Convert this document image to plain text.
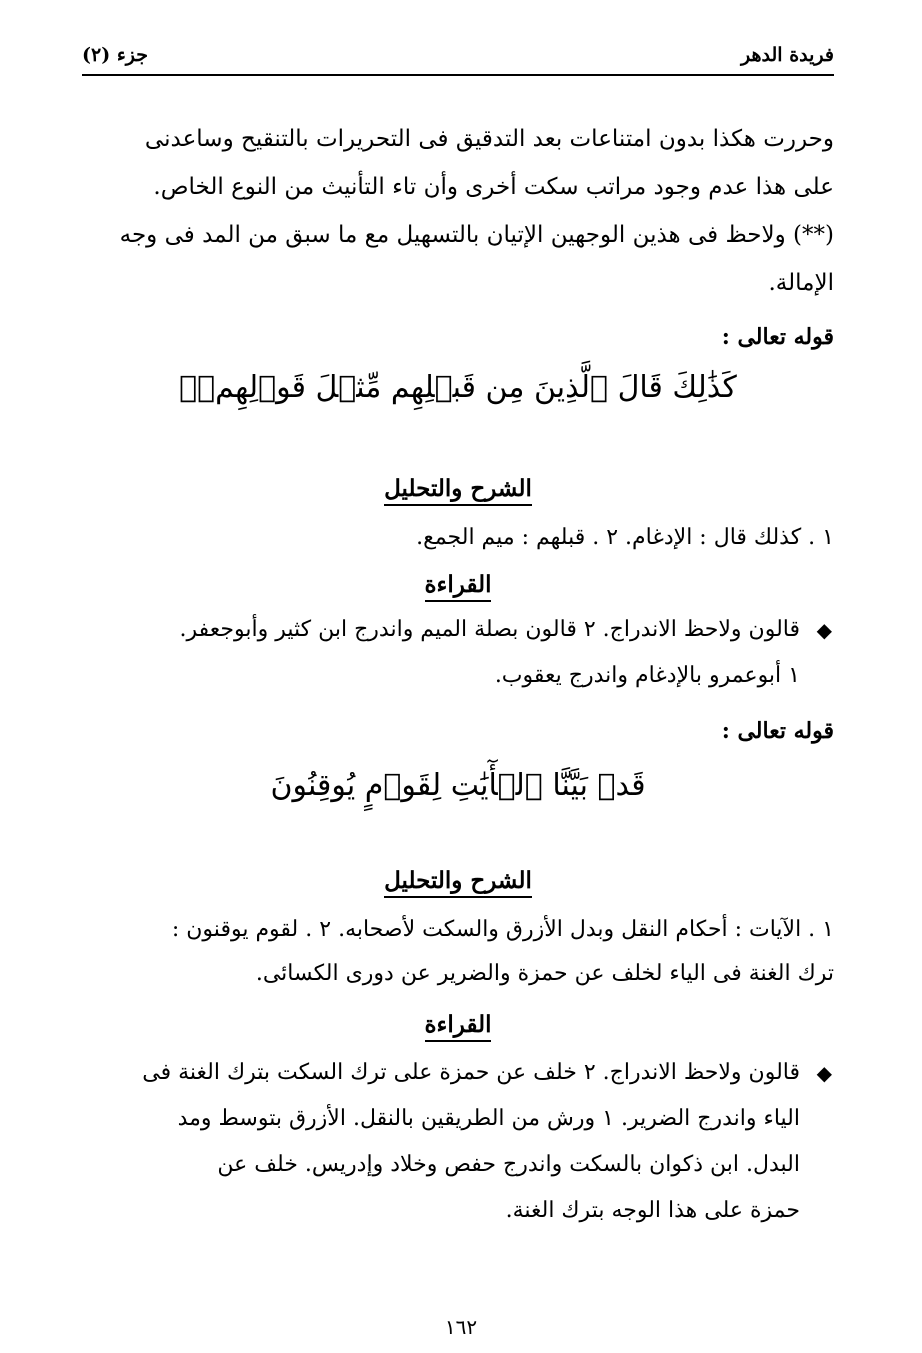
فريدة الدهر
جزء (٢)
وحررت هكذا بدون امتناعات بعد التدقيق فى التحريرات بالتنقيح وساعدنى
على هذا عدم وجود مراتب سكت أخرى وأن تاء التأنيث من النوع الخاص.
(**) ولاحظ فى هذين الوجهين الإتيان بالتسهيل مع ما سبق من المد فى وجه
الإمالة.
قوله تعالى :
كَذَٰلِكَ قَالَ ٱلَّذِينَ مِن قَبۡلِهِم مِّثۡلَ قَوۡلِهِمۡۘ
الشرح والتحليل
١ . كذلك قال : الإدغام. ٢ . قبلهم : ميم الجمع.
القراءة
◆
قالون ولاحظ الاندراج. ٢ قالون بصلة الميم واندرج ابن كثير وأبوجعفر.
١ أبوعمرو بالإدغام واندرج يعقوب.
قوله تعالى :
قَدۡ بَيَّنَّا ٱلۡأٓيَٰتِ لِقَوۡمٍ يُوقِنُونَ
الشرح والتحليل
١ . الآيات : أحكام النقل وبدل الأزرق والسكت لأصحابه. ٢ . لقوم يوقنون :
ترك الغنة فى الياء لخلف عن حمزة والضرير عن دورى الكسائى.
القراءة
◆
قالون ولاحظ الاندراج. ٢ خلف عن حمزة على ترك السكت بترك الغنة فى
الياء واندرج الضرير. ١ ورش من الطريقين بالنقل. الأزرق بتوسط ومد
البدل. ابن ذكوان بالسكت واندرج حفص وخلاد وإدريس. خلف عن
حمزة على هذا الوجه بترك الغنة.
١٦٢
